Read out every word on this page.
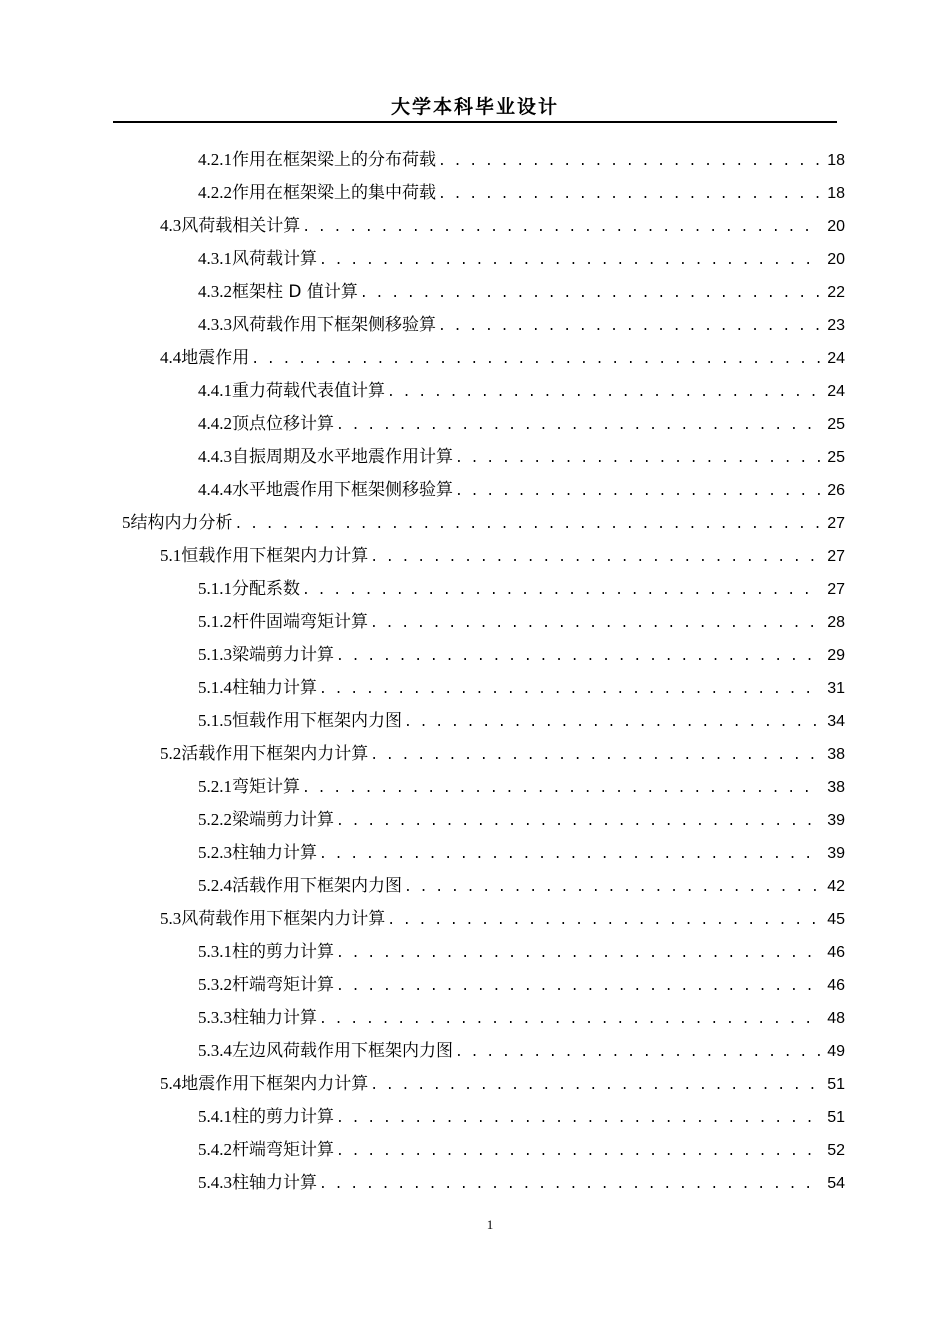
大学本科毕业设计
4.2.1 作用在框架梁上的分布荷载 . . .	18
4.2.2 作用在框架梁上的集中荷载 . . .	18
4.3 风荷载相关计算 . . .	20
4.3.1 风荷载计算 . . .	20
4.3.2 框架柱 D 值计算 . . .	22
4.3.3 风荷载作用下框架侧移验算 . . .	23
4.4 地震作用 . . .	24
4.4.1 重力荷载代表值计算 . . .	24
4.4.2 顶点位移计算 . . .	25
4.4.3 自振周期及水平地震作用计算 . . .	25
4.4.4 水平地震作用下框架侧移验算 . . .	26
5 结构内力分析 . . .	27
5.1 恒载作用下框架内力计算 . . .	27
5.1.1 分配系数 . . .	27
5.1.2 杆件固端弯矩计算 . . .	28
5.1.3 梁端剪力计算 . . .	29
5.1.4 柱轴力计算 . . .	31
5.1.5 恒载作用下框架内力图 . . .	34
5.2 活载作用下框架内力计算 . . .	38
5.2.1 弯矩计算 . . .	38
5.2.2 梁端剪力计算 . . .	39
5.2.3 柱轴力计算 . . .	39
5.2.4 活载作用下框架内力图 . . .	42
5.3 风荷载作用下框架内力计算 . . .	45
5.3.1 柱的剪力计算 . . .	46
5.3.2 杆端弯矩计算 . . .	46
5.3.3 柱轴力计算 . . .	48
5.3.4 左边风荷载作用下框架内力图 . . .	49
5.4 地震作用下框架内力计算 . . .	51
5.4.1 柱的剪力计算 . . .	51
5.4.2 杆端弯矩计算 . . .	52
5.4.3 柱轴力计算 . . .	54
1
